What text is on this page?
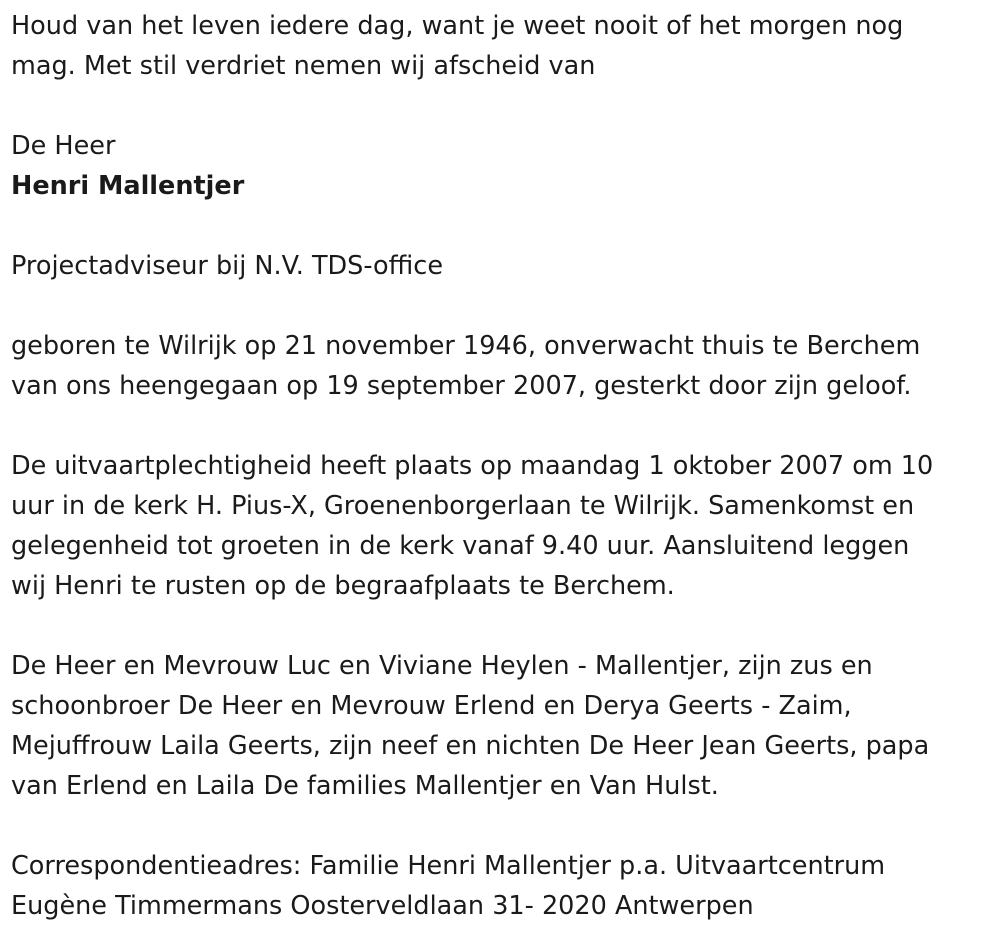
Houd van het leven iedere dag, want je weet nooit of het morgen nog
mag. Met stil verdriet nemen wij afscheid van

De Heer
Henri Mallentjer

Projectadviseur bij N.V. TDS-office

geboren te Wilrijk op 21 november 1946, onverwacht thuis te Berchem
van ons heengegaan op 19 september 2007, gesterkt door zijn geloof.

De uitvaartplechtigheid heeft plaats op maandag 1 oktober 2007 om 10
uur in de kerk H. Pius-X, Groenenborgerlaan te Wilrijk. Samenkomst en
gelegenheid tot groeten in de kerk vanaf 9.40 uur. Aansluitend leggen
wij Henri te rusten op de begraafplaats te Berchem.

De Heer en Mevrouw Luc en Viviane Heylen - Mallentjer, zijn zus en
schoonbroer De Heer en Mevrouw Erlend en Derya Geerts - Zaim,
Mejuffrouw Laila Geerts, zijn neef en nichten De Heer Jean Geerts, papa
van Erlend en Laila De families Mallentjer en Van Hulst.

Correspondentieadres: Familie Henri Mallentjer p.a. Uitvaartcentrum
Eugène Timmermans Oosterveldlaan 31- 2020 Antwerpen
